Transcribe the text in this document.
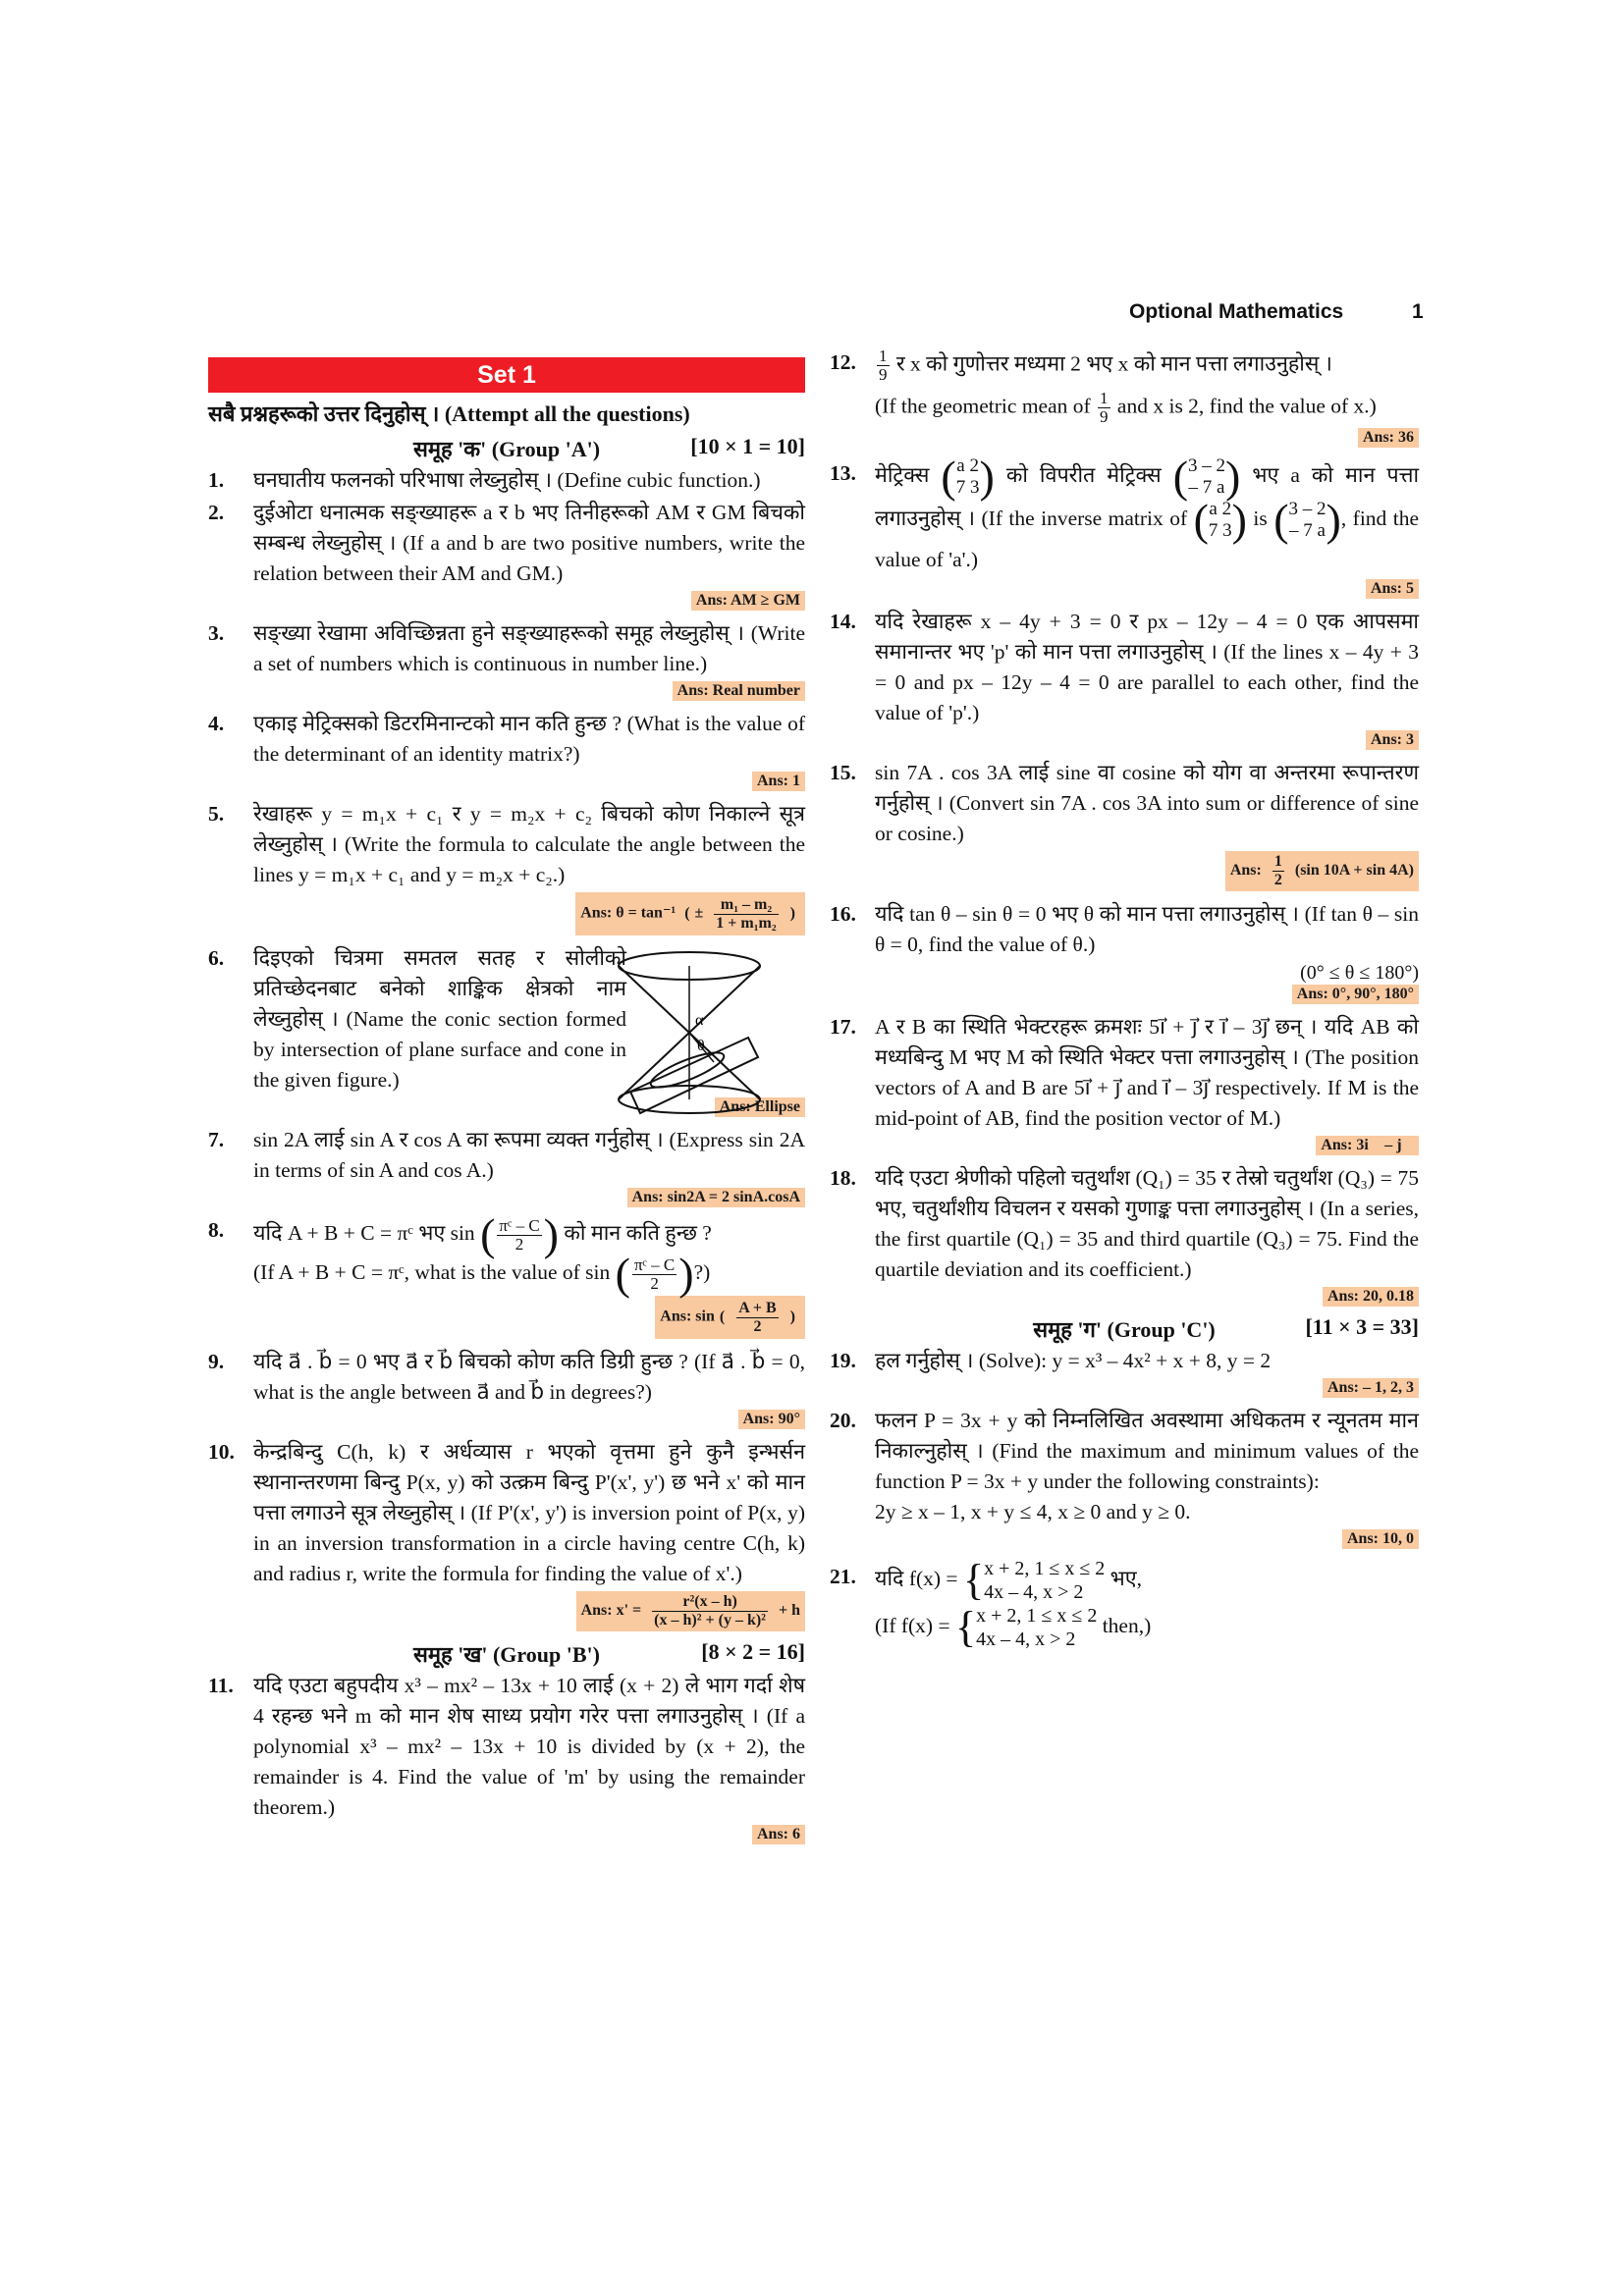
Optional Mathematics	1
Set 1
सबै प्रश्नहरूको उत्तर दिनुहोस् । (Attempt all the questions)
समूह 'क' (Group 'A')	[10 × 1 = 10]
1. घनघातीय फलनको परिभाषा लेख्नुहोस् । (Define cubic function.)
2. दुईओटा धनात्मक सङ्ख्याहरू a र b भए तिनीहरूको AM र GM बिचको सम्बन्ध लेख्नुहोस् । (If a and b are two positive numbers, write the relation between their AM and GM.)
Ans: AM ≥ GM
3. सङ्ख्या रेखामा अविच्छिन्नता हुने सङ्ख्याहरूको समूह लेख्नुहोस् । (Write a set of numbers which is continuous in number line.)
Ans: Real number
4. एकाइ मेट्रिक्सको डिटरमिनान्टको मान कति हुन्छ ? (What is the value of the determinant of an identity matrix?)
Ans: 1
5. रेखाहरू y = m₁x + c₁ र y = m₂x + c₂ बिचको कोण निकाल्ने सूत्र लेख्नुहोस् । (Write the formula to calculate the angle between the lines y = m₁x + c₁ and y = m₂x + c₂.)
Ans: θ = tan⁻¹ ( ± $\frac{\text{m₁ – m₂}}{\text{1 + m₁m₂}}$ )
6. दिइएको चित्रमा समतल सतह र सोलीको प्रतिच्छेदनबाट बनेको शाङ्किक क्षेत्रको नाम लेख्नुहोस् । (Name the conic section formed by intersection of plane surface and cone in the given figure.)
α
θ
Ans: Ellipse
7. sin 2A लाई sin A र cos A का रूपमा व्यक्त गर्नुहोस् । (Express sin 2A in terms of sin A and cos A.)
Ans: sin2A = 2 sinA.cosA
8. यदि A + B + C = πᶜ भए sin ( $\frac{\text{πᶜ – C}}{2}$ ) को मान कति हुन्छ ?
(If A + B + C = πᶜ, what is the value of sin ( $\frac{\text{πᶜ – C}}{2}$ )?)
Ans: sin ( $\frac{A + B}{2}$ )
9. यदि a⃗ . b⃗ = 0 भए a⃗ र b⃗ बिचको कोण कति डिग्री हुन्छ ? (If a⃗ . b⃗ = 0, what is the angle between a⃗ and b⃗ in degrees?)
Ans: 90°
10. केन्द्रबिन्दु C(h, k) र अर्धव्यास r भएको वृत्तमा हुने कुनै इन्भर्सन स्थानान्तरणमा बिन्दु P(x, y) को उत्क्रम बिन्दु P'(x', y') छ भने x' को मान पत्ता लगाउने सूत्र लेख्नुहोस् । (If P'(x', y') is inversion point of P(x, y) in an inversion transformation in a circle having centre C(h, k) and radius r, write the formula for finding the value of x'.)
Ans: $x' = \frac{\text{r²(x – h)}}{\text{(x – h)² + (y – k)²}} + h$
समूह 'ख' (Group 'B')	[8 × 2 = 16]
11. यदि एउटा बहुपदीय x³ – mx² – 13x + 10 लाई (x + 2) ले भाग गर्दा शेष 4 रहन्छ भने m को मान शेष साध्य प्रयोग गरेर पत्ता लगाउनुहोस् । (If a polynomial x³ – mx² – 13x + 10 is divided by (x + 2), the remainder is 4. Find the value of 'm' by using the remainder theorem.)
Ans: 6
12. $\frac{1}{9}$ र x को गुणोत्तर मध्यमा 2 भए x को मान पत्ता लगाउनुहोस् ।
(If the geometric mean of $\frac{1}{9}$ and x is 2, find the value of x.)
Ans: 36
13. मेट्रिक्स (a 2
7 3) को विपरीत मेट्रिक्स (3 – 2
– 7 a) भए a को मान पत्ता लगाउनुहोस् । (If the inverse matrix of (a 2
7 3) is (3 – 2
– 7 a), find the value of 'a'.)
Ans: 5
14. यदि रेखाहरू x – 4y + 3 = 0 र px – 12y – 4 = 0 एक आपसमा समानान्तर भए 'p' को मान पत्ता लगाउनुहोस् । (If the lines x – 4y + 3 = 0 and px – 12y – 4 = 0 are parallel to each other, find the value of 'p'.)
Ans: 3
15. sin 7A . cos 3A लाई sine वा cosine को योग वा अन्तरमा रूपान्तरण गर्नुहोस् । (Convert sin 7A . cos 3A into sum or difference of sine or cosine.)
Ans: $\frac{1}{2} (\sin$ 10A + sin 4A)
16. यदि tan θ – sin θ = 0 भए θ को मान पत्ता लगाउनुहोस् । (If tan θ – sin θ = 0, find the value of θ.)
(0° ≤ θ ≤ 180°)
Ans: 0°, 90°, 180°
17. A र B का स्थिति भेक्टरहरू क्रमशः 5i⃗ + j⃗ र i⃗ – 3j⃗ छन् । यदि AB को मध्यबिन्दु M भए M को स्थिति भेक्टर पत्ता लगाउनुहोस् । (The position vectors of A and B are 5i⃗ + j⃗ and i⃗ – 3j⃗ respectively. If M is the mid-point of AB, find the position vector of M.)
Ans: 3i⃗ – j⃗
18. यदि एउटा श्रेणीको पहिलो चतुर्थांश (Q₁) = 35 र तेस्रो चतुर्थांश (Q₃) = 75 भए, चतुर्थांशीय विचलन र यसको गुणाङ्क पत्ता लगाउनुहोस् । (In a series, the first quartile (Q₁) = 35 and third quartile (Q₃) = 75. Find the quartile deviation and its coefficient.)
Ans: 20, 0.18
समूह 'ग' (Group 'C')	[11 × 3 = 33]
19. हल गर्नुहोस् । (Solve): y = x³ – 4x² + x + 8, y = 2
Ans: – 1, 2, 3
20. फलन P = 3x + y को निम्नलिखित अवस्थामा अधिकतम र न्यूनतम मान निकाल्नुहोस् । (Find the maximum and minimum values of the function P = 3x + y under the following constraints):
2y ≥ x – 1, x + y ≤ 4, x ≥ 0 and y ≥ 0.
Ans: 10, 0
21. यदि f(x) = {x + 2, 1 ≤ x ≤ 2
4x – 4, x > 2 भए,
(If f(x) = {x + 2, 1 ≤ x ≤ 2
4x – 4, x > 2 then,)
